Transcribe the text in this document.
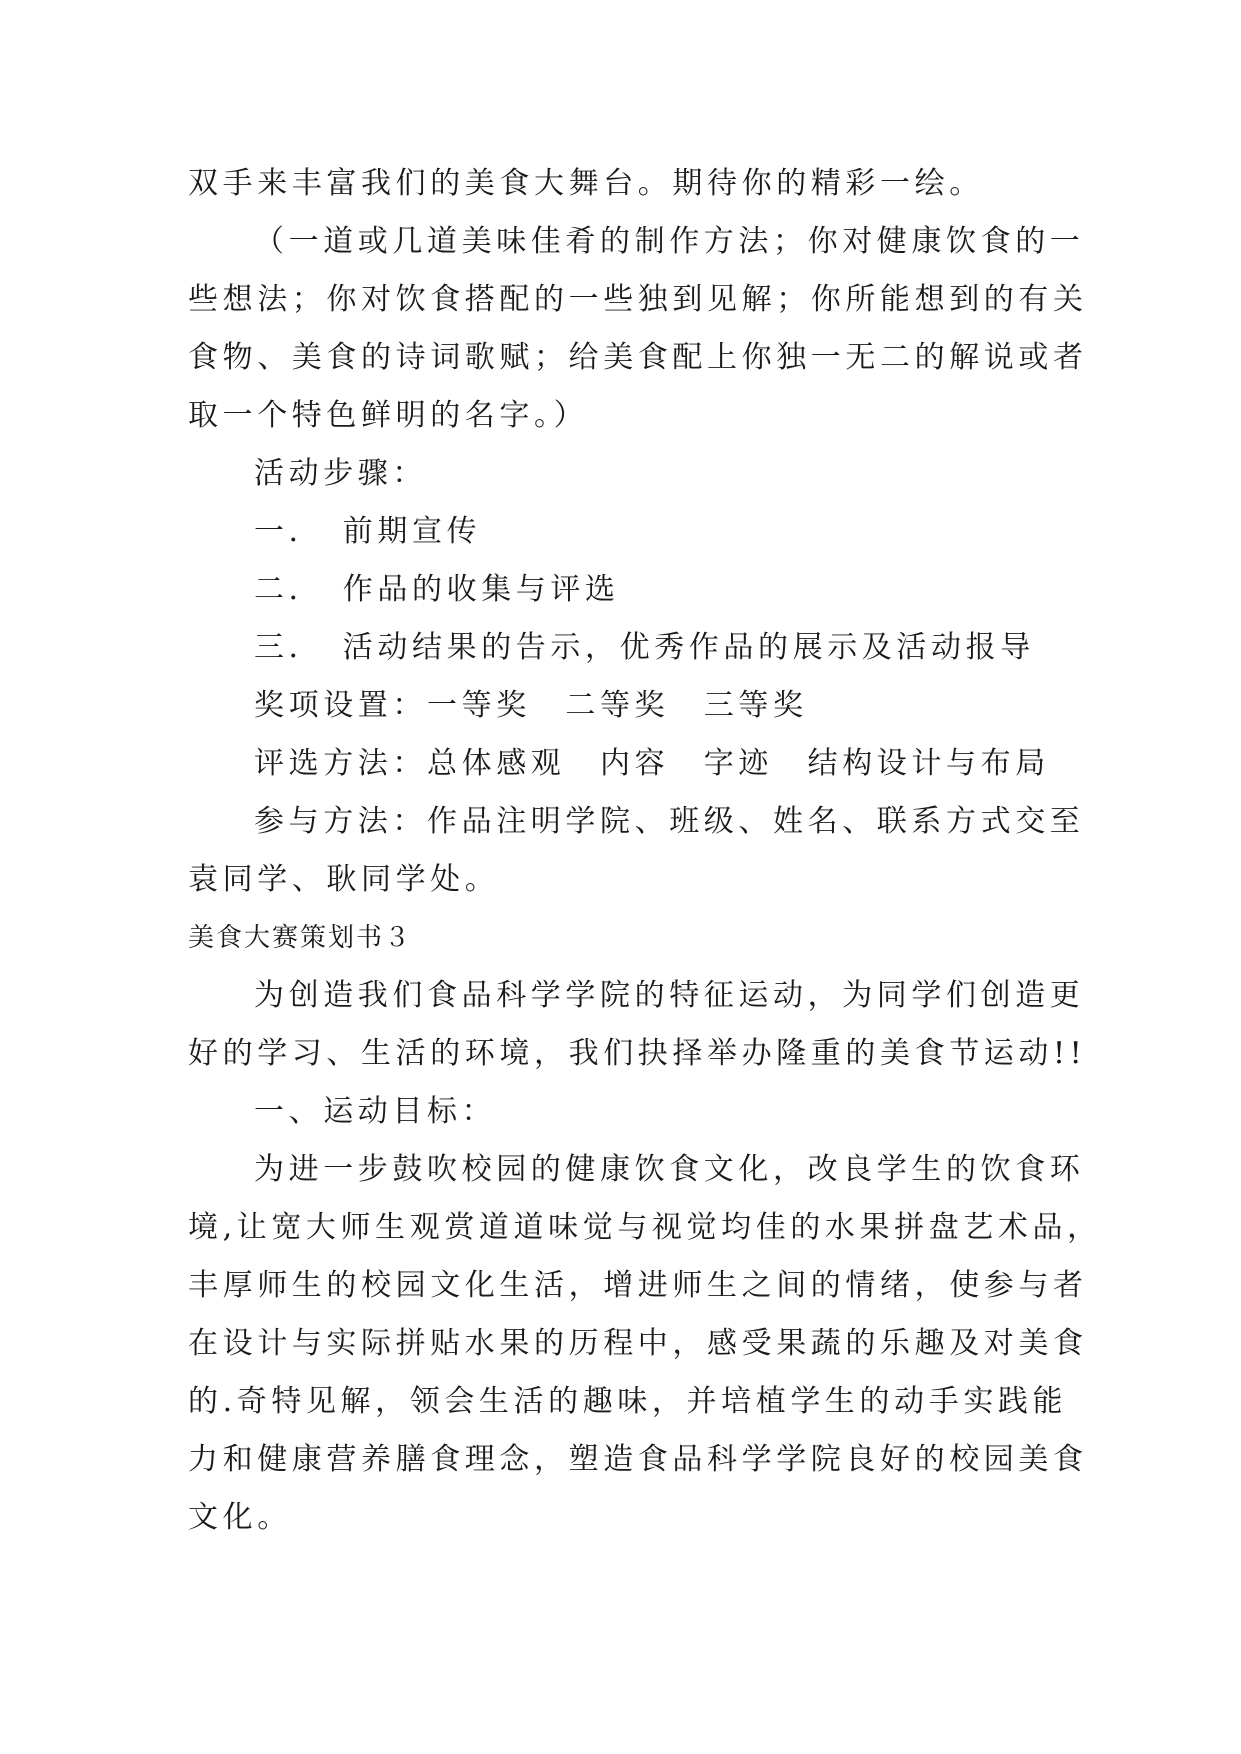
双手来丰富我们的美食大舞台。期待你的精彩一绘。
（一道或几道美味佳肴的制作方法；你对健康饮食的一
些想法；你对饮食搭配的一些独到见解；你所能想到的有关
食物、美食的诗词歌赋；给美食配上你独一无二的解说或者
取一个特色鲜明的名字。）
活动步骤：
一．　前期宣传
二．　作品的收集与评选
三．　活动结果的告示，优秀作品的展示及活动报导
奖项设置：一等奖　二等奖　三等奖
评选方法：总体感观　内容　字迹　结构设计与布局
参与方法：作品注明学院、班级、姓名、联系方式交至
袁同学、耿同学处。
美食大赛策划书３
为创造我们食品科学学院的特征运动，为同学们创造更
好的学习、生活的环境，我们抉择举办隆重的美食节运动!!
一、运动目标：
为进一步鼓吹校园的健康饮食文化，改良学生的饮食环
境,让宽大师生观赏道道味觉与视觉均佳的水果拼盘艺术品，
丰厚师生的校园文化生活，增进师生之间的情绪，使参与者
在设计与实际拼贴水果的历程中，感受果蔬的乐趣及对美食
的.奇特见解，领会生活的趣味，并培植学生的动手实践能
力和健康营养膳食理念，塑造食品科学学院良好的校园美食
文化。
